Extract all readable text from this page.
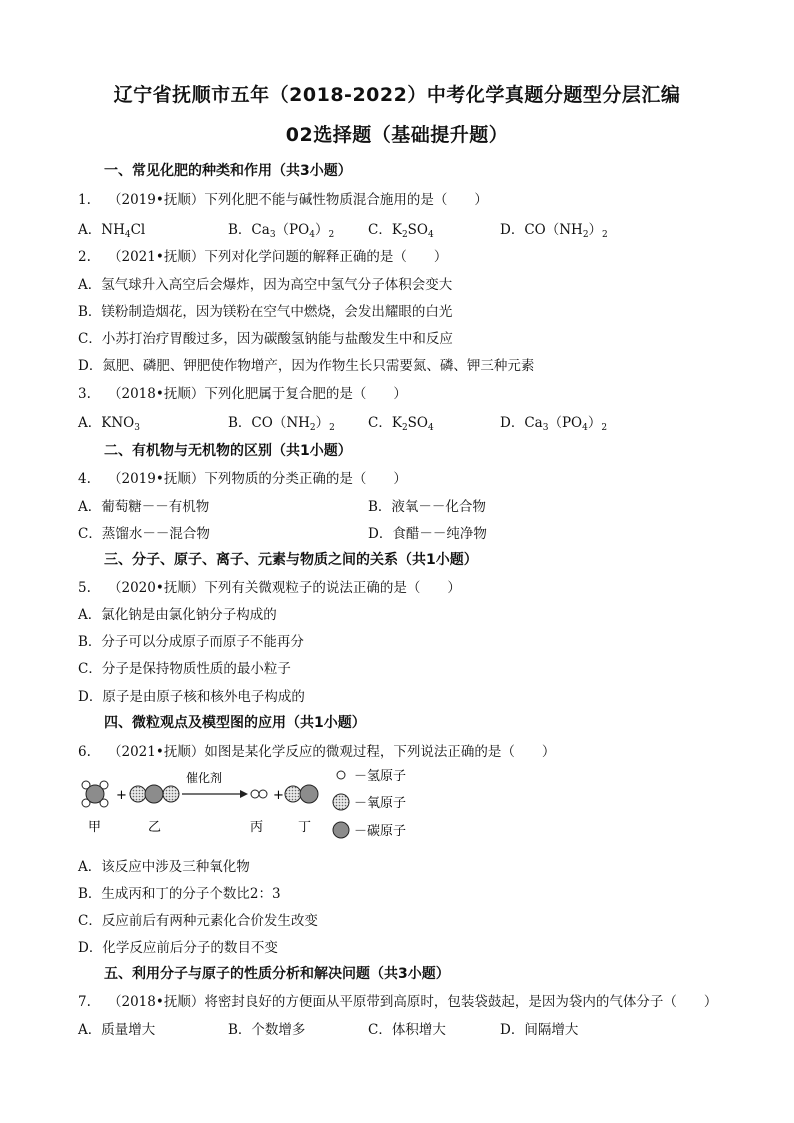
辽宁省抚顺市五年（2018-2022）中考化学真题分题型分层汇编
02选择题（基础提升题）
一、常见化肥的种类和作用（共3小题）
1. （2019•抚顺）下列化肥不能与碱性物质混合施用的是（　　）
A．$NH_4Cl$	B．$Ca_3(PO_4)_2$	C．$K_2SO_4$	D．$CO(NH_2)_2$
2. （2021•抚顺）下列对化学问题的解释正确的是（　　）
A．氢气球升入高空后会爆炸，因为高空中氢气分子体积会变大
B．镁粉制造烟花，因为镁粉在空气中燃烧，会发出耀眼的白光
C．小苏打治疗胃酸过多，因为碳酸氢钠能与盐酸发生中和反应
D．氮肥、磷肥、钾肥使作物增产，因为作物生长只需要氮、磷、钾三种元素
3. （2018•抚顺）下列化肥属于复合肥的是（　　）
A．$KNO_3$	B．$CO(NH_2)_2$ C．$K_2SO_4$	D．$Ca_3(PO_4)_2$
二、有机物与无机物的区别（共1小题）
4. （2019•抚顺）下列物质的分类正确的是（　　）
A．葡萄糖－－有机物	B．液氧－－化合物
C．蒸馏水－－混合物	D．食醋－－纯净物
三、分子、原子、离子、元素与物质之间的关系（共1小题）
5. （2020•抚顺）下列有关微观粒子的说法正确的是（　　）
A．氯化钠是由氯化钠分子构成的
B．分子可以分成原子而原子不能再分
C．分子是保持物质性质的最小粒子
D．原子是由原子核和核外电子构成的
四、微粒观点及模型图的应用（共1小题）
6. （2021•抚顺）如图是某化学反应的微观过程，下列说法正确的是（　　）
+
催化剂
+
甲	乙	丙	丁
－氢原子
－氧原子
－碳原子
A．该反应中涉及三种氧化物
B．生成丙和丁的分子个数比2：3
C．反应前后有两种元素化合价发生改变
D．化学反应前后分子的数目不变
五、利用分子与原子的性质分析和解决问题（共3小题）
7. （2018•抚顺）将密封良好的方便面从平原带到高原时，包装袋鼓起，是因为袋内的气体分子（　　）
A．质量增大	B．个数增多	C．体积增大	D．间隔增大
